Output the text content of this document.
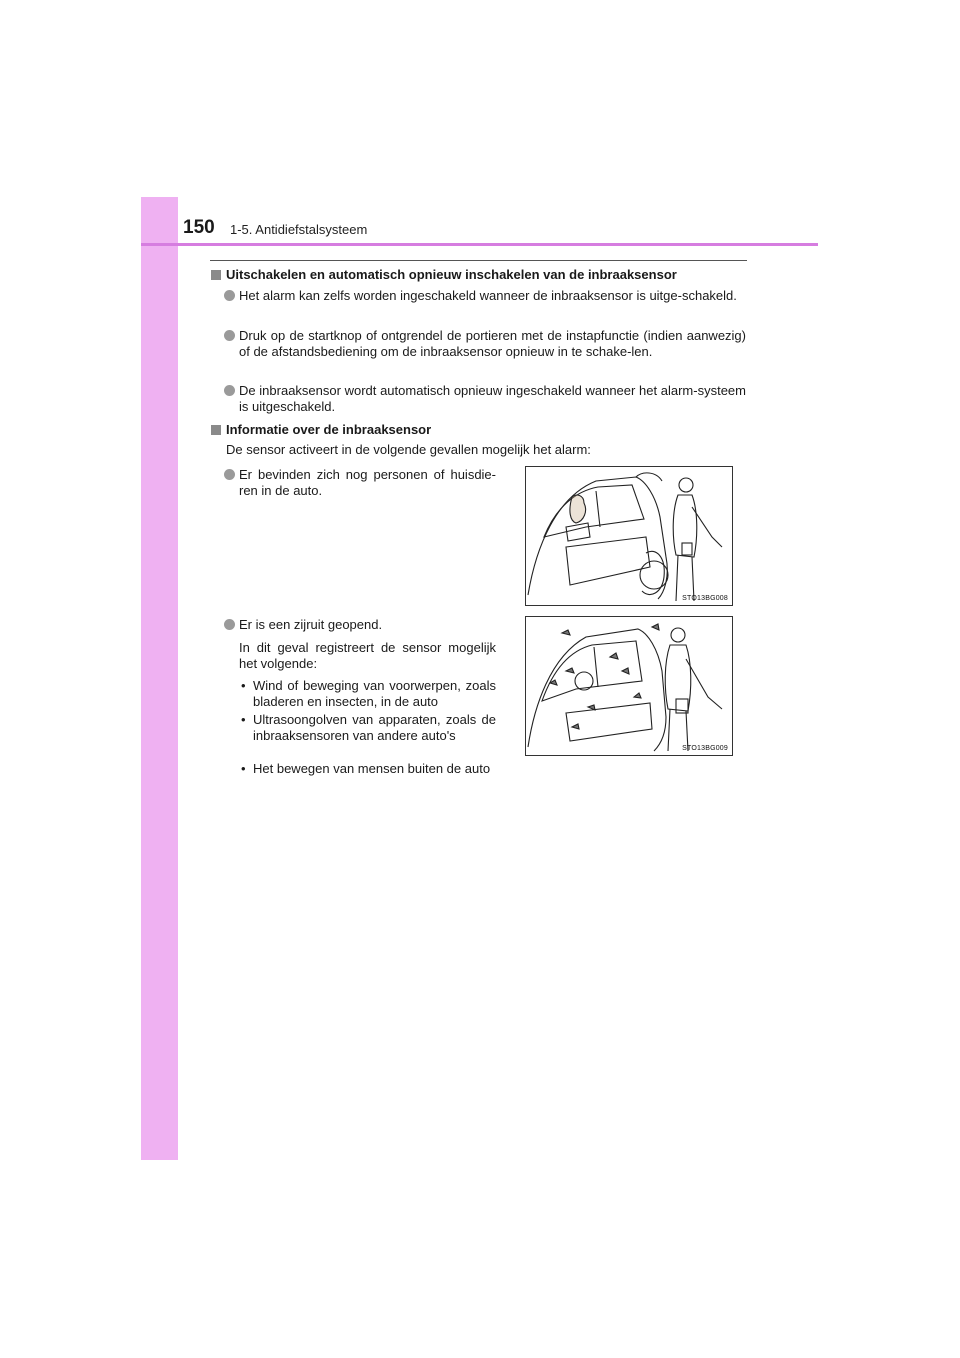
150 1-5. Antidiefstalsysteem
Uitschakelen en automatisch opnieuw inschakelen van de inbraaksensor
Het alarm kan zelfs worden ingeschakeld wanneer de inbraaksensor is uitge-schakeld.
Druk op de startknop of ontgrendel de portieren met de instapfunctie (indien aanwezig) of de afstandsbediening om de inbraaksensor opnieuw in te schake-len.
De inbraaksensor wordt automatisch opnieuw ingeschakeld wanneer het alarm-systeem is uitgeschakeld.
Informatie over de inbraaksensor
De sensor activeert in de volgende gevallen mogelijk het alarm:
Er bevinden zich nog personen of huisdie-ren in de auto.
Er is een zijruit geopend.
In dit geval registreert de sensor mogelijk het volgende:
• Wind of beweging van voorwerpen, zoals bladeren en insecten, in de auto
• Ultrasoongolven van apparaten, zoals de inbraaksensoren van andere auto's
• Het bewegen van mensen buiten de auto
STO13BG008
STO13BG009
